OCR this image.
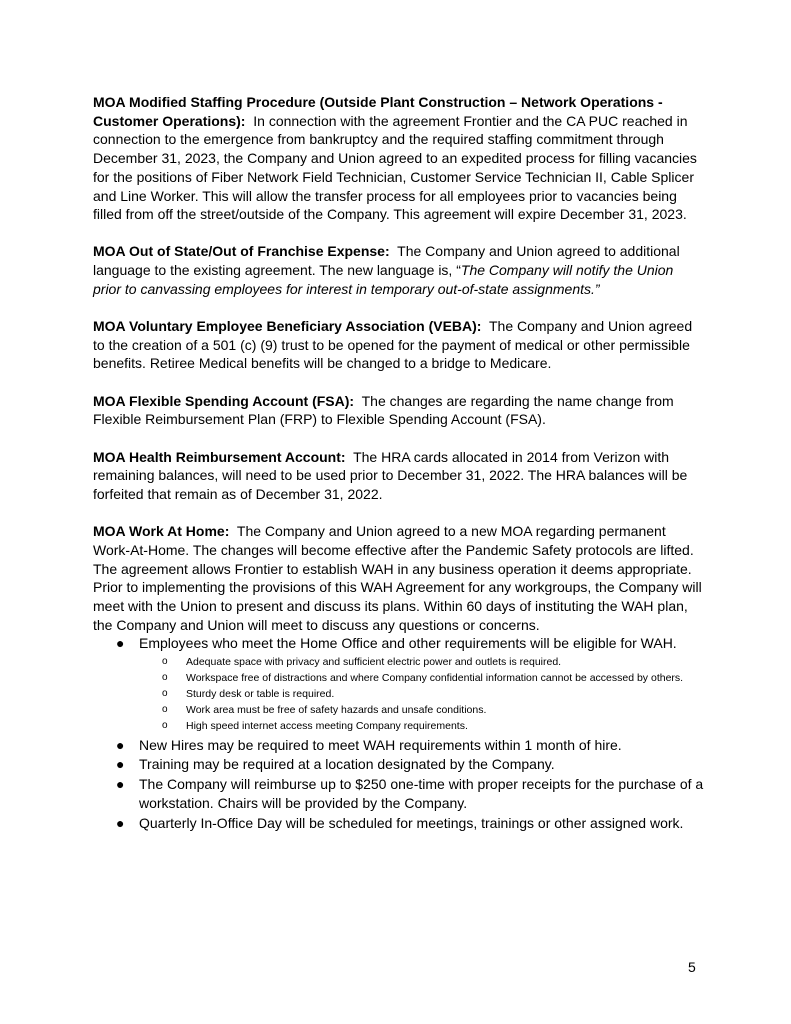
MOA Modified Staffing Procedure (Outside Plant Construction – Network Operations - Customer Operations): In connection with the agreement Frontier and the CA PUC reached in connection to the emergence from bankruptcy and the required staffing commitment through December 31, 2023, the Company and Union agreed to an expedited process for filling vacancies for the positions of Fiber Network Field Technician, Customer Service Technician II, Cable Splicer and Line Worker. This will allow the transfer process for all employees prior to vacancies being filled from off the street/outside of the Company. This agreement will expire December 31, 2023.

MOA Out of State/Out of Franchise Expense: The Company and Union agreed to additional language to the existing agreement. The new language is, “The Company will notify the Union prior to canvassing employees for interest in temporary out-of-state assignments.”

MOA Voluntary Employee Beneficiary Association (VEBA): The Company and Union agreed to the creation of a 501 (c) (9) trust to be opened for the payment of medical or other permissible benefits. Retiree Medical benefits will be changed to a bridge to Medicare.

MOA Flexible Spending Account (FSA): The changes are regarding the name change from Flexible Reimbursement Plan (FRP) to Flexible Spending Account (FSA).

MOA Health Reimbursement Account: The HRA cards allocated in 2014 from Verizon with remaining balances, will need to be used prior to December 31, 2022. The HRA balances will be forfeited that remain as of December 31, 2022.

MOA Work At Home: The Company and Union agreed to a new MOA regarding permanent Work-At-Home. The changes will become effective after the Pandemic Safety protocols are lifted. The agreement allows Frontier to establish WAH in any business operation it deems appropriate. Prior to implementing the provisions of this WAH Agreement for any workgroups, the Company will meet with the Union to present and discuss its plans. Within 60 days of instituting the WAH plan, the Company and Union will meet to discuss any questions or concerns.

● Employees who meet the Home Office and other requirements will be eligible for WAH.
o Adequate space with privacy and sufficient electric power and outlets is required.
o Workspace free of distractions and where Company confidential information cannot be accessed by others.
o Sturdy desk or table is required.
o Work area must be free of safety hazards and unsafe conditions.
o High speed internet access meeting Company requirements.
● New Hires may be required to meet WAH requirements within 1 month of hire.
● Training may be required at a location designated by the Company.
● The Company will reimburse up to $250 one-time with proper receipts for the purchase of a workstation. Chairs will be provided by the Company.
● Quarterly In-Office Day will be scheduled for meetings, trainings or other assigned work.
5
